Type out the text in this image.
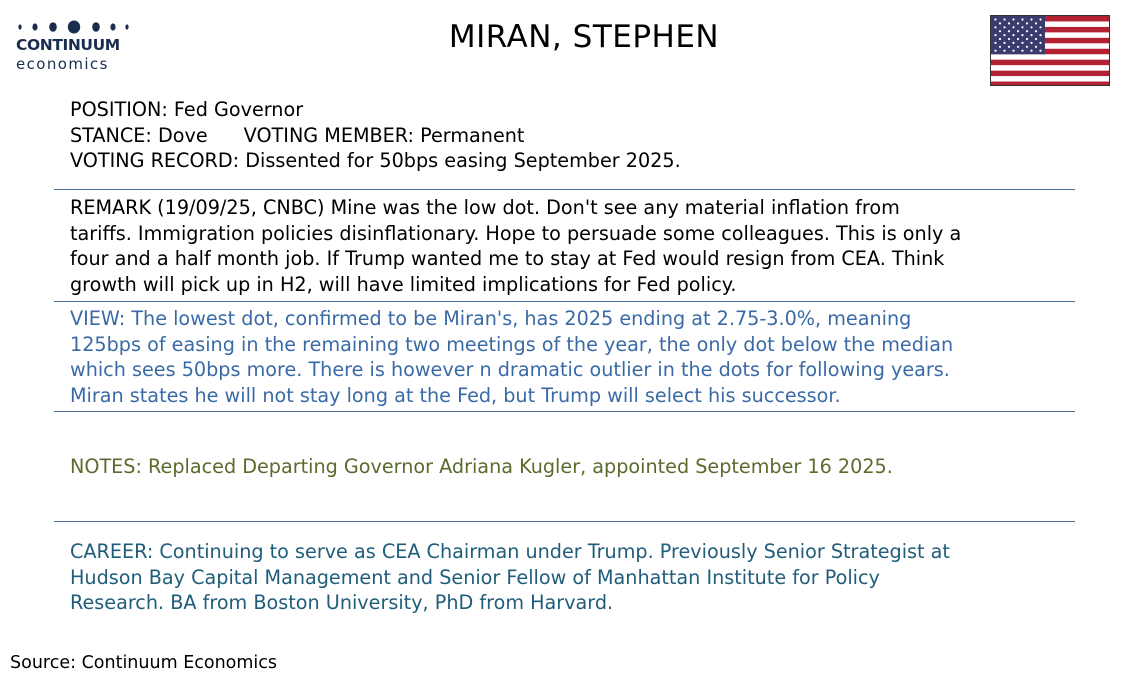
CONTINUUM
economics
MIRAN, STEPHEN
POSITION: Fed Governor
STANCE: Dove VOTING MEMBER: Permanent
VOTING RECORD: Dissented for 50bps easing September 2025.
REMARK (19/09/25, CNBC) Mine was the low dot. Don't see any material inflation from
tariffs. Immigration policies disinflationary. Hope to persuade some colleagues. This is only a
four and a half month job. If Trump wanted me to stay at Fed would resign from CEA. Think
growth will pick up in H2, will have limited implications for Fed policy.
VIEW: The lowest dot, confirmed to be Miran's, has 2025 ending at 2.75-3.0%, meaning
125bps of easing in the remaining two meetings of the year, the only dot below the median
which sees 50bps more. There is however n dramatic outlier in the dots for following years.
Miran states he will not stay long at the Fed, but Trump will select his successor.
NOTES: Replaced Departing Governor Adriana Kugler, appointed September 16 2025.
CAREER: Continuing to serve as CEA Chairman under Trump. Previously Senior Strategist at
Hudson Bay Capital Management and Senior Fellow of Manhattan Institute for Policy
Research. BA from Boston University, PhD from Harvard.
Source: Continuum Economics
